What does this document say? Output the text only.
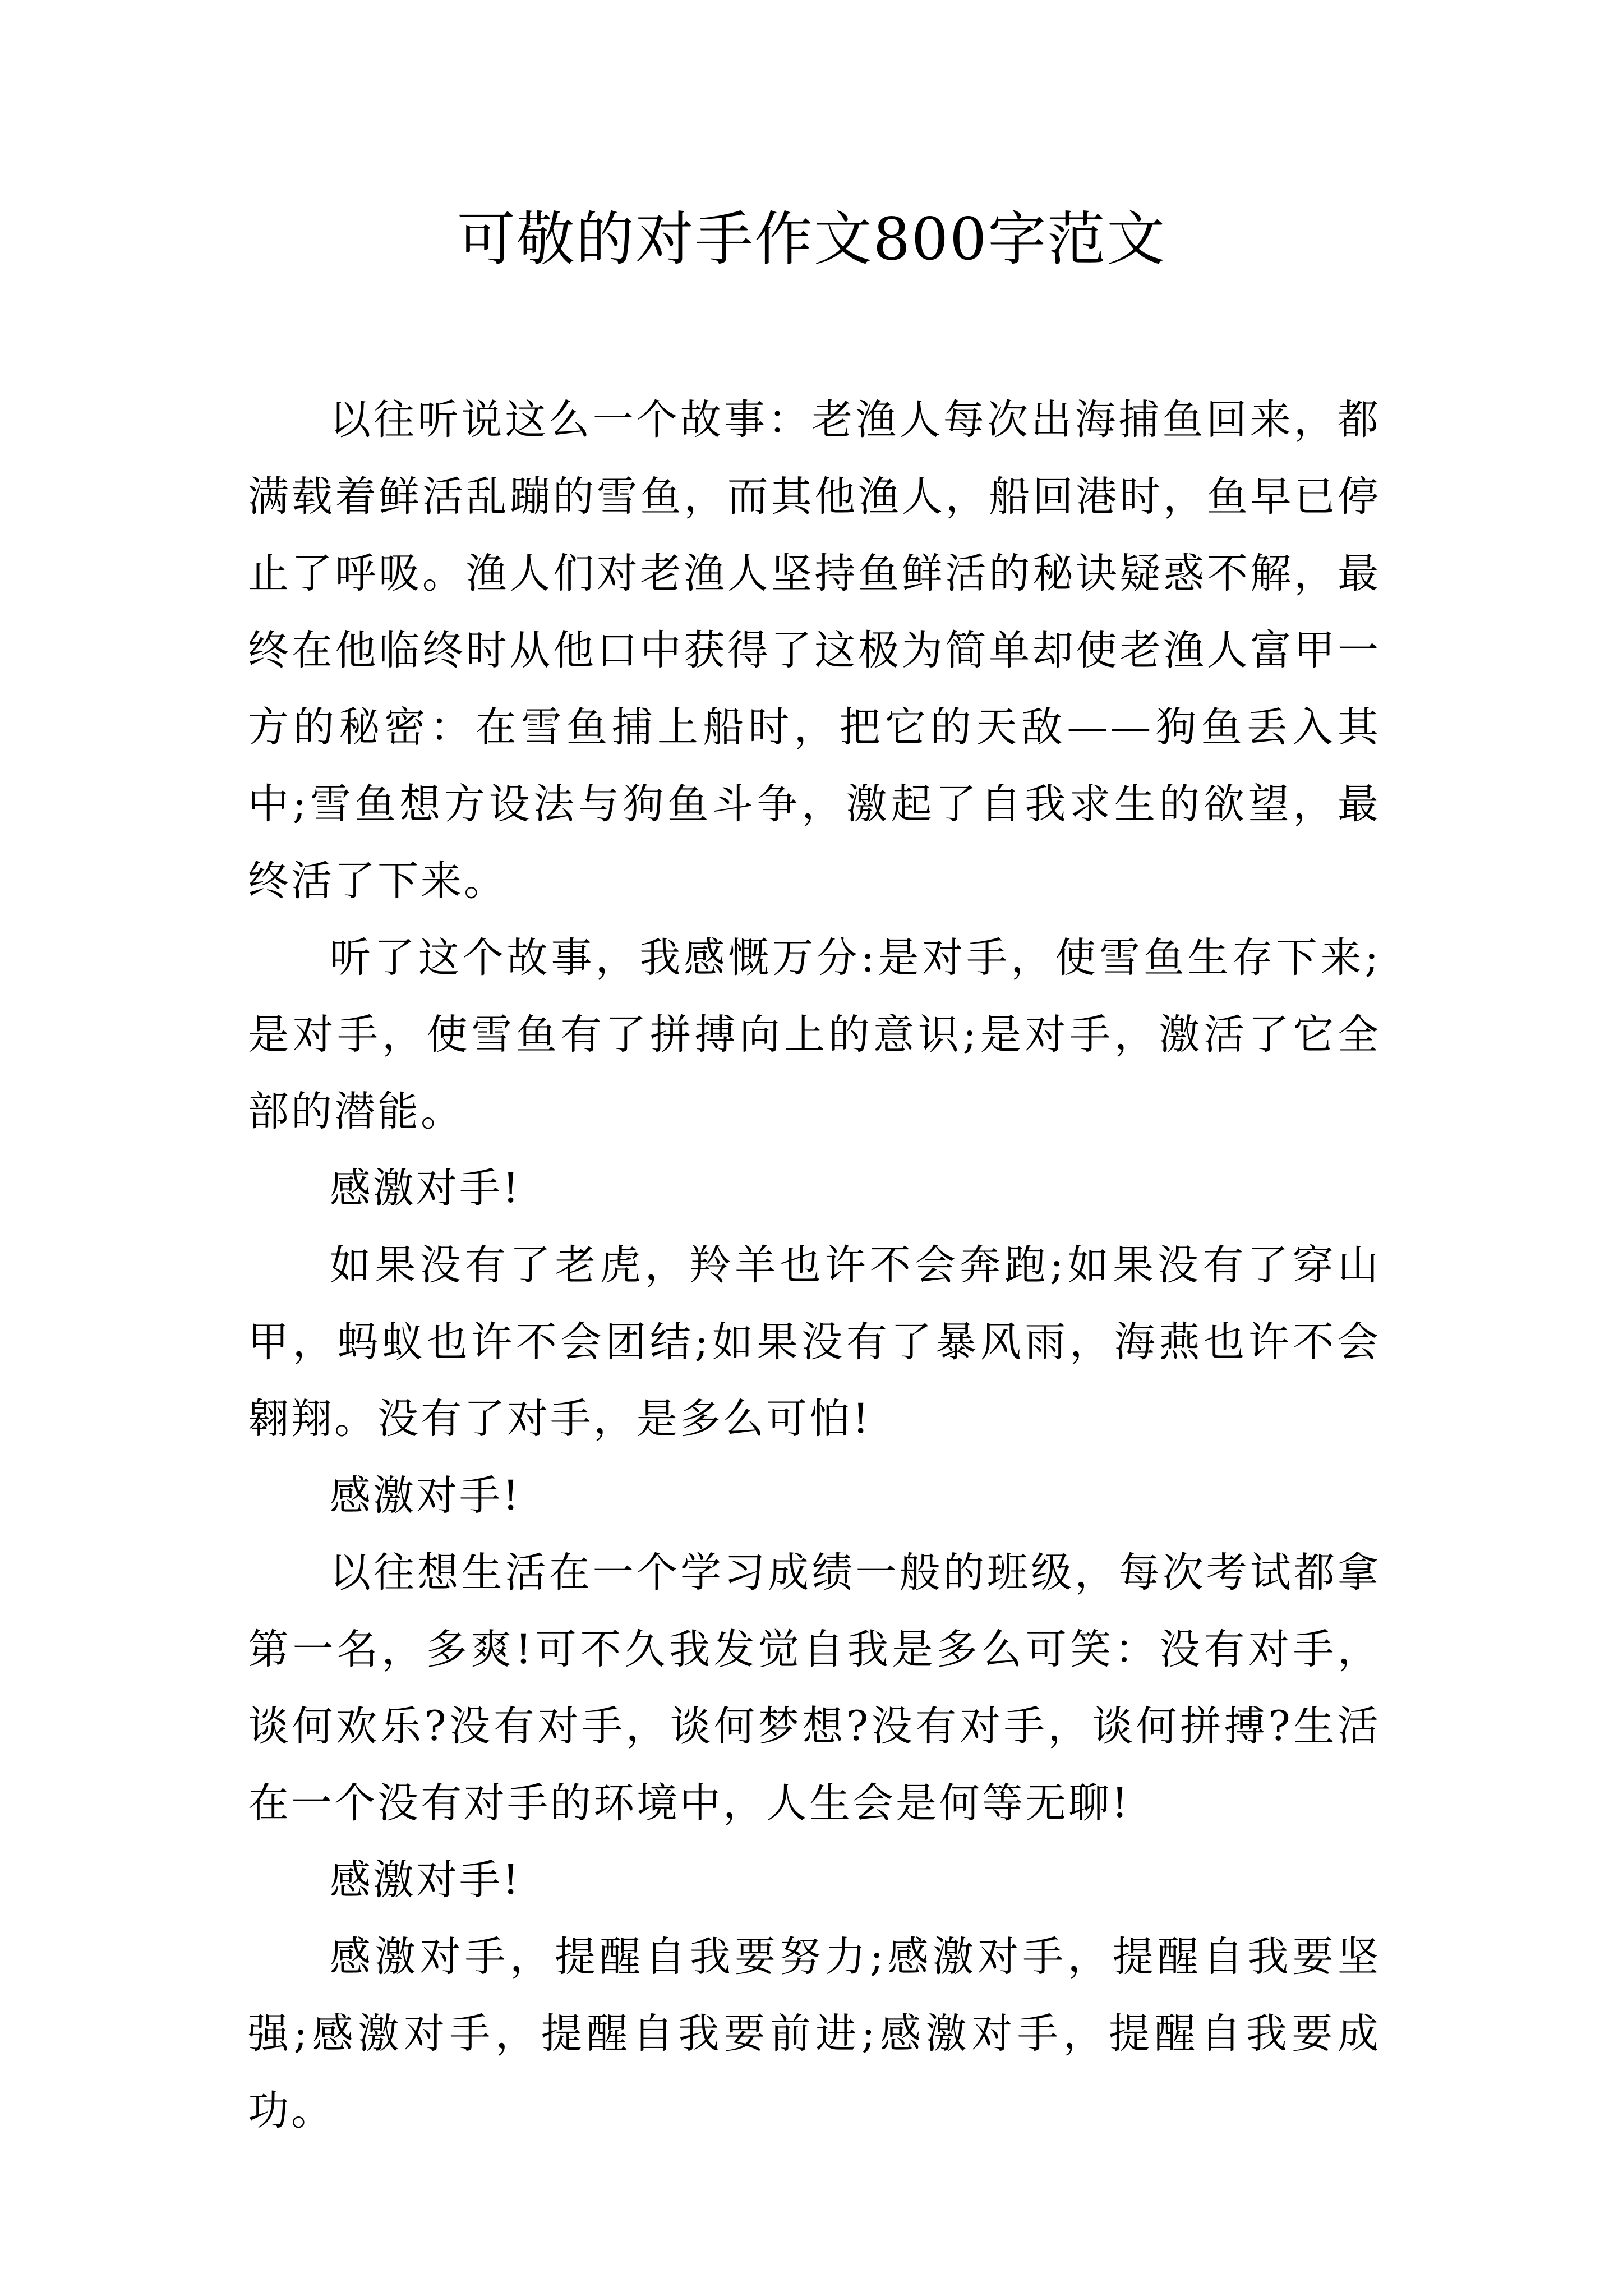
可敬的对手作文800字范文

以往听说这么一个故事：老渔人每次出海捕鱼回来，都满载着鲜活乱蹦的雪鱼，而其他渔人，船回港时，鱼早已停止了呼吸。渔人们对老渔人坚持鱼鲜活的秘诀疑惑不解，最终在他临终时从他口中获得了这极为简单却使老渔人富甲一方的秘密：在雪鱼捕上船时，把它的天敌——狗鱼丢入其中;雪鱼想方设法与狗鱼斗争，激起了自我求生的欲望，最终活了下来。

听了这个故事，我感慨万分:是对手，使雪鱼生存下来;是对手，使雪鱼有了拼搏向上的意识;是对手，激活了它全部的潜能。

感激对手!

如果没有了老虎，羚羊也许不会奔跑;如果没有了穿山甲，蚂蚁也许不会团结;如果没有了暴风雨，海燕也许不会翱翔。没有了对手，是多么可怕!

感激对手!

以往想生活在一个学习成绩一般的班级，每次考试都拿第一名，多爽!可不久我发觉自我是多么可笑：没有对手，谈何欢乐?没有对手，谈何梦想?没有对手，谈何拼搏?生活在一个没有对手的环境中，人生会是何等无聊!

感激对手!

感激对手，提醒自我要努力;感激对手，提醒自我要坚强;感激对手，提醒自我要前进;感激对手，提醒自我要成功。
